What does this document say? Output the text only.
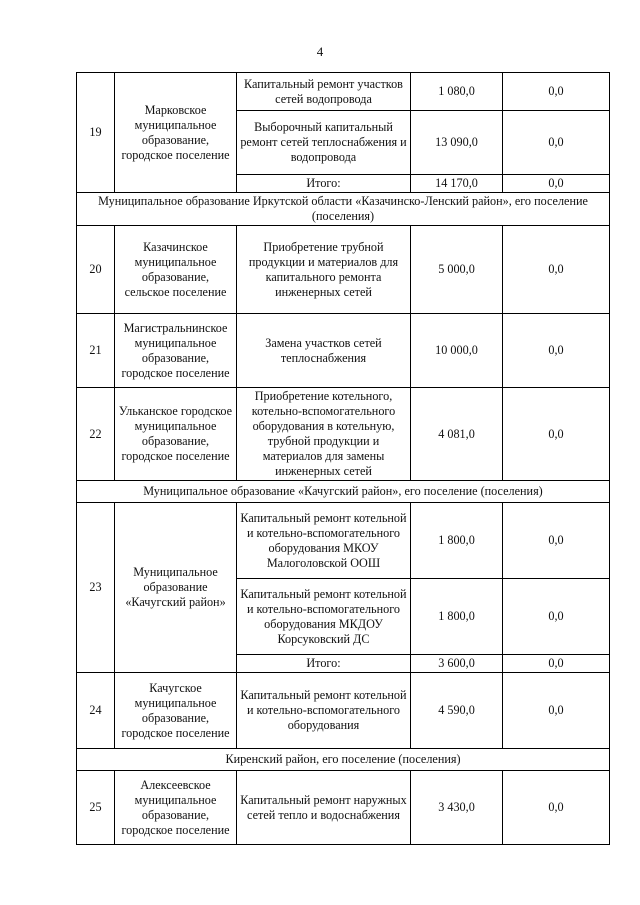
4
19	Марковское муниципальное образование, городское поселение	Капитальный ремонт участков сетей водопровода	1 080,0	0,0
		Выборочный капитальный ремонт сетей теплоснабжения и водопровода	13 090,0	0,0
		Итого:	14 170,0	0,0
Муниципальное образование Иркутской области «Казачинско-Ленский район», его поселение (поселения)				
20	Казачинское муниципальное образование, сельское поселение	Приобретение трубной продукции и материалов для капитального ремонта инженерных сетей	5 000,0	0,0
21	Магистральнинское муниципальное образование, городское поселение	Замена участков сетей теплоснабжения	10 000,0	0,0
22	Ульканское городское муниципальное образование, городское поселение	Приобретение котельного, котельно-вспомогательного оборудования в котельную, трубной продукции и материалов для замены инженерных сетей	4 081,0	0,0
Муниципальное образование «Качугский район», его поселение (поселения)				
23	Муниципальное образование «Качугский район»	Капитальный ремонт котельной и котельно-вспомогательного оборудования МКОУ Малоголовской ООШ	1 800,0	0,0
		Капитальный ремонт котельной и котельно-вспомогательного оборудования МКДОУ Корсуковский ДС	1 800,0	0,0
		Итого:	3 600,0	0,0
24	Качугское муниципальное образование, городское поселение	Капитальный ремонт котельной и котельно-вспомогательного оборудования	4 590,0	0,0
Киренский район, его поселение (поселения)				
25	Алексеевское муниципальное образование, городское поселение	Капитальный ремонт наружных сетей тепло и водоснабжения	3 430,0	0,0
